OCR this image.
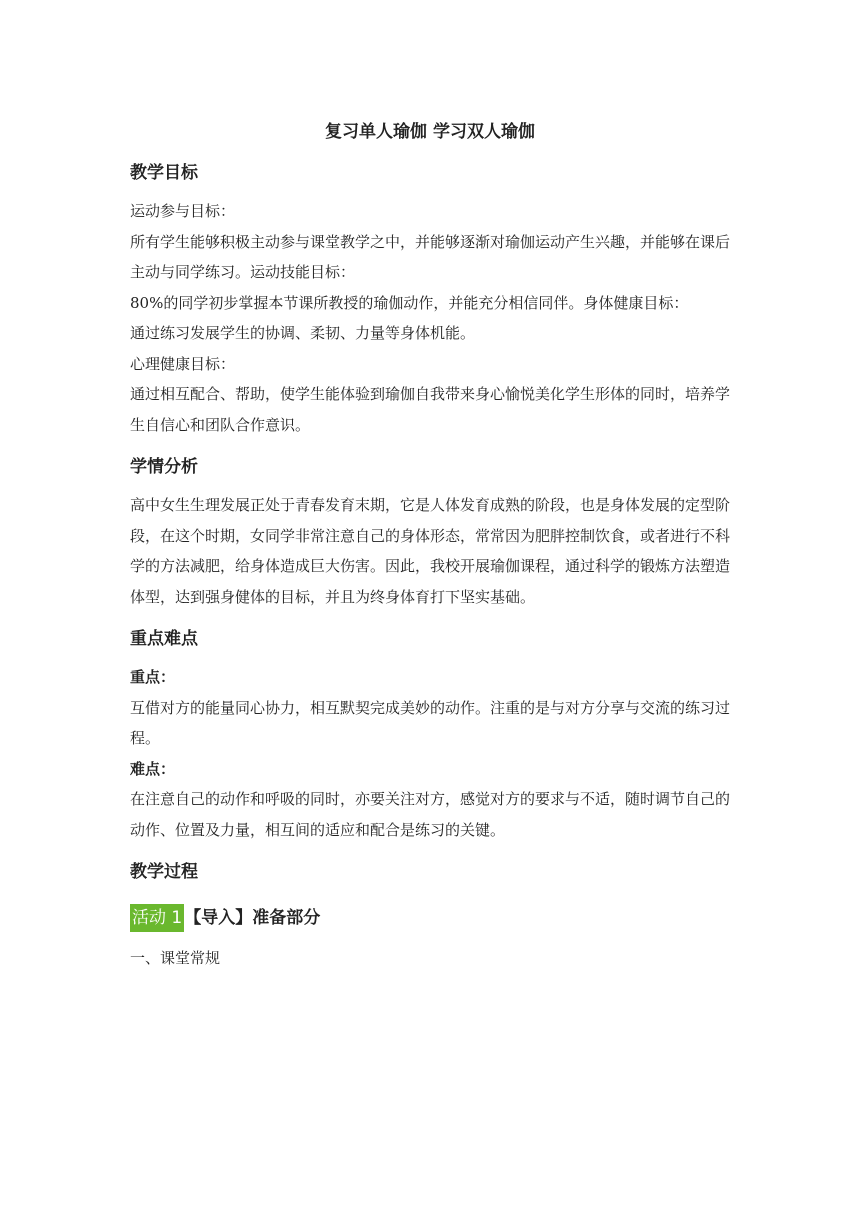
复习单人瑜伽 学习双人瑜伽
教学目标

运动参与目标：

所有学生能够积极主动参与课堂教学之中，并能够逐渐对瑜伽运动产生兴趣，并能够在课后主动与同学练习。运动技能目标：

80%的同学初步掌握本节课所教授的瑜伽动作，并能充分相信同伴。身体健康目标：

通过练习发展学生的协调、柔韧、力量等身体机能。

心理健康目标：

通过相互配合、帮助，使学生能体验到瑜伽自我带来身心愉悦美化学生形体的同时，培养学生自信心和团队合作意识。

学情分析

高中女生生理发展正处于青春发育末期，它是人体发育成熟的阶段，也是身体发展的定型阶段，在这个时期，女同学非常注意自己的身体形态，常常因为肥胖控制饮食，或者进行不科学的方法减肥，给身体造成巨大伤害。因此，我校开展瑜伽课程，通过科学的锻炼方法塑造体型，达到强身健体的目标，并且为终身体育打下坚实基础。

重点难点

重点：

互借对方的能量同心协力，相互默契完成美妙的动作。注重的是与对方分享与交流的练习过程。

难点：

在注意自己的动作和呼吸的同时，亦要关注对方，感觉对方的要求与不适，随时调节自己的动作、位置及力量，相互间的适应和配合是练习的关键。

教学过程
活动 1 【导入】准备部分

一、课堂常规
